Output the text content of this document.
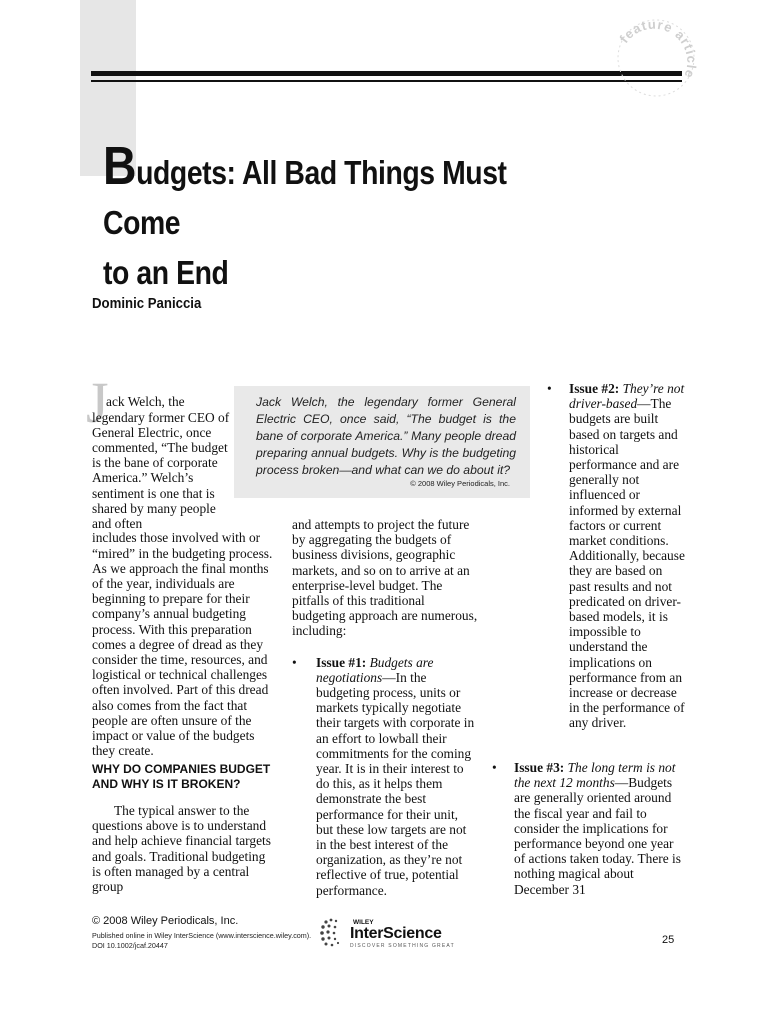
feature article
Budgets: All Bad Things Must Come
to an End
Dominic Paniccia
J

ack Welch, the legendary former CEO of General Electric, once commented, “The budget is the bane of corporate America.” Welch’s sentiment is one that is shared by many people and often

Jack Welch, the legendary former General Electric CEO, once said, “The budget is the bane of corporate America.” Many people dread preparing annual budgets. Why is the budgeting process broken—and what can we do about it?

© 2008 Wiley Periodicals, Inc.

includes those involved with or “mired” in the budgeting process. As we approach the final months of the year, individuals are beginning to prepare for their company’s annual budgeting process. With this preparation comes a degree of dread as they consider the time, resources, and logistical or technical challenges often involved. Part of this dread also comes from the fact that people are often unsure of the impact or value of the budgets they create.

WHY DO COMPANIES BUDGET AND WHY IS IT BROKEN?

The typical answer to the questions above is to understand and help achieve financial targets and goals. Traditional budgeting is often managed by a central group

and attempts to project the future by aggregating the budgets of business divisions, geographic markets, and so on to arrive at an enterprise-level budget. The pitfalls of this traditional budgeting approach are numerous, including:

• Issue #1: Budgets are negotiations—In the budgeting process, units or markets typically negotiate their targets with corporate in an effort to lowball their commitments for the coming year. It is in their interest to do this, as it helps them demonstrate the best performance for their unit, but these low targets are not in the best interest of the organization, as they’re not reflective of true, potential performance.
• Issue #2: They’re not driver-based—The budgets are built based on targets and historical performance and are generally not influenced or informed by external factors or current market conditions. Additionally, because they are based on past results and not predicated on driver-based models, it is impossible to understand the implications on performance from an increase or decrease in the performance of any driver.
• Issue #3: The long term is not the next 12 months—Budgets are generally oriented around the fiscal year and fail to consider the implications for performance beyond one year of actions taken today. There is nothing magical about December 31
© 2008 Wiley Periodicals, Inc.
Published online in Wiley InterScience (www.interscience.wiley.com).
DOI 10.1002/jcaf.20447
WILEY
InterScience
DISCOVER SOMETHING GREAT	25
